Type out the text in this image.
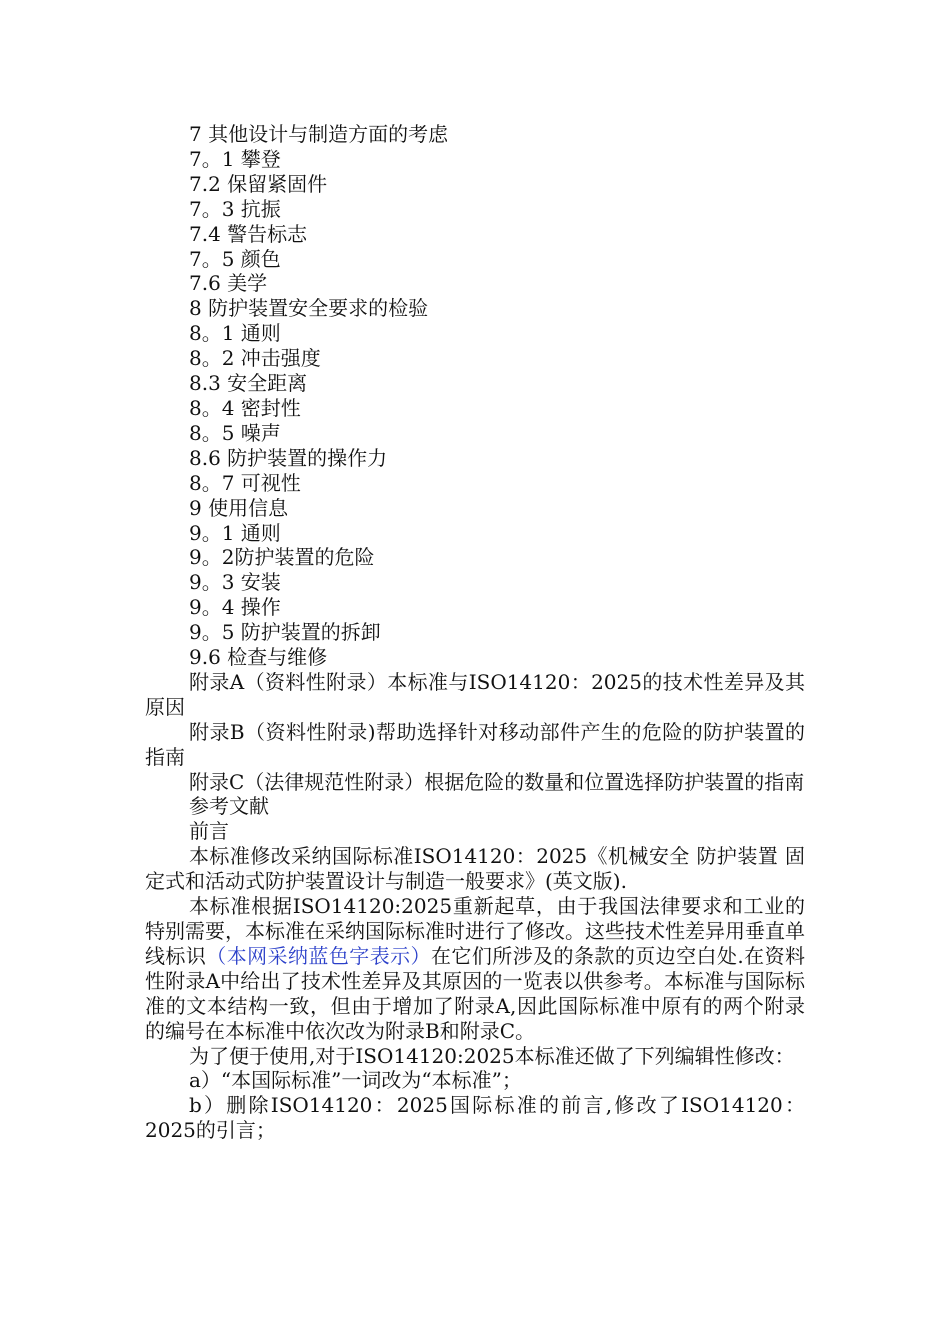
7 其他设计与制造方面的考虑
7。1 攀登
7.2 保留紧固件
7。3 抗振
7.4 警告标志
7。5 颜色
7.6 美学
8 防护装置安全要求的检验
8。1 通则
8。2 冲击强度
8.3 安全距离
8。4 密封性
8。5 噪声
8.6 防护装置的操作力
8。7 可视性
9 使用信息
9。1 通则
9。2防护装置的危险
9。3 安装
9。4 操作
9。5 防护装置的拆卸
9.6 检查与维修

附录A（资料性附录）本标准与ISO14120：2025的技术性差异及其原因

附录B（资料性附录)帮助选择针对移动部件产生的危险的防护装置的指南

附录C（法律规范性附录）根据危险的数量和位置选择防护装置的指南

参考文献
前言

本标准修改采纳国际标准ISO14120：2025《机械安全 防护装置 固定式和活动式防护装置设计与制造一般要求》(英文版).

本标准根据ISO14120:2025重新起草，由于我国法律要求和工业的特别需要，本标准在采纳国际标准时进行了修改。这些技术性差异用垂直单线标识（本网采纳蓝色字表示）在它们所涉及的条款的页边空白处.在资料性附录A中给出了技术性差异及其原因的一览表以供参考。本标准与国际标准的文本结构一致，但由于增加了附录A,因此国际标准中原有的两个附录的编号在本标准中依次改为附录B和附录C。

为了便于使用,对于ISO14120:2025本标准还做了下列编辑性修改：

a）“本国际标准”一词改为“本标准”；

b）删除ISO14120：2025国际标准的前言,修改了ISO14120：2025的引言；
